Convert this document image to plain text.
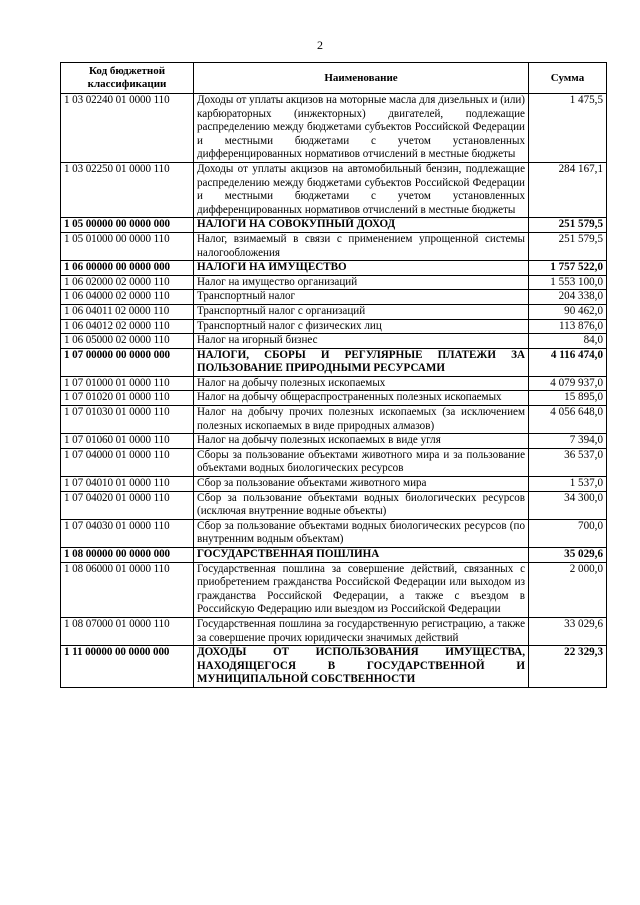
2
Код бюджетной классификации	Наименование	Сумма
1 03 02240 01 0000 110	Доходы от уплаты акцизов на моторные масла для дизельных и (или) карбюраторных (инжекторных) двигателей, подлежащие распределению между бюджетами субъектов Российской Федерации и местными бюджетами с учетом установленных дифференцированных нормативов отчислений в местные бюджеты	1 475,5
1 03 02250 01 0000 110	Доходы от уплаты акцизов на автомобильный бензин, подлежащие распределению между бюджетами субъектов Российской Федерации и местными бюджетами с учетом установленных дифференцированных нормативов отчислений в местные бюджеты	284 167,1
1 05 00000 00 0000 000	НАЛОГИ НА СОВОКУПНЫЙ ДОХОД	251 579,5
1 05 01000 00 0000 110	Налог, взимаемый в связи с применением упрощенной системы налогообложения	251 579,5
1 06 00000 00 0000 000	НАЛОГИ НА ИМУЩЕСТВО	1 757 522,0
1 06 02000 02 0000 110	Налог на имущество организаций	1 553 100,0
1 06 04000 02 0000 110	Транспортный налог	204 338,0
1 06 04011 02 0000 110	Транспортный налог с организаций	90 462,0
1 06 04012 02 0000 110	Транспортный налог с физических лиц	113 876,0
1 06 05000 02 0000 110	Налог на игорный бизнес	84,0
1 07 00000 00 0000 000	НАЛОГИ, СБОРЫ И РЕГУЛЯРНЫЕ ПЛАТЕЖИ ЗА ПОЛЬЗОВАНИЕ ПРИРОДНЫМИ РЕСУРСАМИ	4 116 474,0
1 07 01000 01 0000 110	Налог на добычу полезных ископаемых	4 079 937,0
1 07 01020 01 0000 110	Налог на добычу общераспространенных полезных ископаемых	15 895,0
1 07 01030 01 0000 110	Налог на добычу прочих полезных ископаемых (за исключением полезных ископаемых в виде природных алмазов)	4 056 648,0
1 07 01060 01 0000 110	Налог на добычу полезных ископаемых в виде угля	7 394,0
1 07 04000 01 0000 110	Сборы за пользование объектами животного мира и за пользование объектами водных биологических ресурсов	36 537,0
1 07 04010 01 0000 110	Сбор за пользование объектами животного мира	1 537,0
1 07 04020 01 0000 110	Сбор за пользование объектами водных биологических ресурсов (исключая внутренние водные объекты)	34 300,0
1 07 04030 01 0000 110	Сбор за пользование объектами водных биологических ресурсов (по внутренним водным объектам)	700,0
1 08 00000 00 0000 000	ГОСУДАРСТВЕННАЯ ПОШЛИНА	35 029,6
1 08 06000 01 0000 110	Государственная пошлина за совершение действий, связанных с приобретением гражданства Российской Федерации или выходом из гражданства Российской Федерации, а также с въездом в Российскую Федерацию или выездом из Российской Федерации	2 000,0
1 08 07000 01 0000 110	Государственная пошлина за государственную регистрацию, а также за совершение прочих юридически значимых действий	33 029,6
1 11 00000 00 0000 000	ДОХОДЫ ОТ ИСПОЛЬЗОВАНИЯ ИМУЩЕСТВА, НАХОДЯЩЕГОСЯ В ГОСУДАРСТВЕННОЙ И МУНИЦИПАЛЬНОЙ СОБСТВЕННОСТИ	22 329,3
